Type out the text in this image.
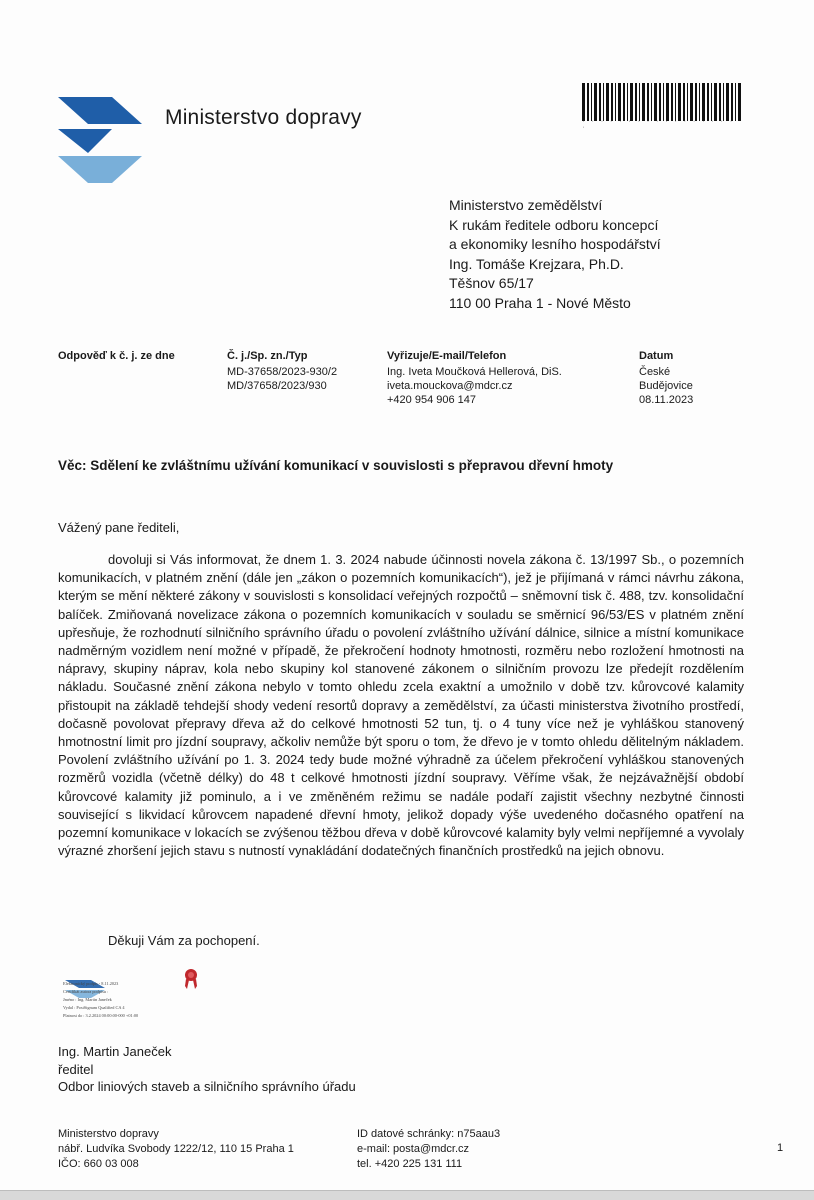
Ministerstvo dopravy	· · · · · · · · · · · · · · · · · ·
Ministerstvo zemědělství
K rukám ředitele odboru koncepcí
a ekonomiky lesního hospodářství
Ing. Tomáše Krejzara, Ph.D.
Těšnov 65/17
110 00 Praha 1 - Nové Město
Odpověď k č. j. ze dne	Č. j./Sp. zn./Typ
MD-37658/2023-930/2
MD/37658/2023/930
Vyřizuje/E-mail/Telefon
Ing. Iveta Moučková Hellerová, DiS.
iveta.mouckova@mdcr.cz
+420 954 906 147
Datum
České
Budějovice
08.11.2023
Věc: Sdělení ke zvláštnímu užívání komunikací v souvislosti s přepravou dřevní hmoty
Vážený pane řediteli,

dovoluji si Vás informovat, že dnem 1. 3. 2024 nabude účinnosti novela zákona č. 13/1997 Sb., o pozemních komunikacích, v platném znění (dále jen „zákon o pozemních komunikacích“), jež je přijímaná v rámci návrhu zákona, kterým se mění některé zákony v souvislosti s konsolidací veřejných rozpočtů – sněmovní tisk č. 488, tzv. konsolidační balíček. Zmiňovaná novelizace zákona o pozemních komunikacích v souladu se směrnicí 96/53/ES v platném znění upřesňuje, že rozhodnutí silničního správního úřadu o povolení zvláštního užívání dálnice, silnice a místní komunikace nadměrným vozidlem není možné v případě, že překročení hodnoty hmotnosti, rozměru nebo rozložení hmotnosti na nápravy, skupiny náprav, kola nebo skupiny kol stanovené zákonem o silničním provozu lze předejít rozdělením nákladu. Současné znění zákona nebylo v tomto ohledu zcela exaktní a umožnilo v době tzv. kůrovcové kalamity přistoupit na základě tehdejší shody vedení resortů dopravy a zemědělství, za účasti ministerstva životního prostředí, dočasně povolovat přepravy dřeva až do celkové hmotnosti 52 tun, tj. o 4 tuny více než je vyhláškou stanovený hmotnostní limit pro jízdní soupravy, ačkoliv nemůže být sporu o tom, že dřevo je v tomto ohledu dělitelným nákladem. Povolení zvláštního užívání po 1. 3. 2024 tedy bude možné výhradně za účelem překročení vyhláškou stanovených rozměrů vozidla (včetně délky) do 48 t celkové hmotnosti jízdní soupravy. Věříme však, že nejzávažnější období kůrovcové kalamity již pominulo, a i ve změněném režimu se nadále podaří zajistit všechny nezbytné činnosti související s likvidací kůrovcem napadené dřevní hmoty, jelikož dopady výše uvedeného dočasného opatření na pozemní komunikace v lokacích se zvýšenou těžbou dřeva v době kůrovcové kalamity byly velmi nepříjemné a vyvolaly výrazné zhoršení jejich stavu s nutností vynakládání dodatečných finančních prostředků na jejich obnovu.

Děkuji Vám za pochopení.
Elektronický podpis - 8.11.2023
Certifikát autora podpisu :
Jméno : Ing. Martin Janeček
Vydal : PostSignum Qualified CA 4
Platnost do : 3.2.2024 00:00:00-000 +01:00
Ing. Martin Janeček
ředitel
Odbor liniových staveb a silničního správního úřadu
Ministerstvo dopravy
nábř. Ludvíka Svobody 1222/12, 110 15 Praha 1
IČO: 660 03 008
ID datové schránky: n75aau3
e-mail: posta@mdcr.cz
tel. +420 225 131 111
1
